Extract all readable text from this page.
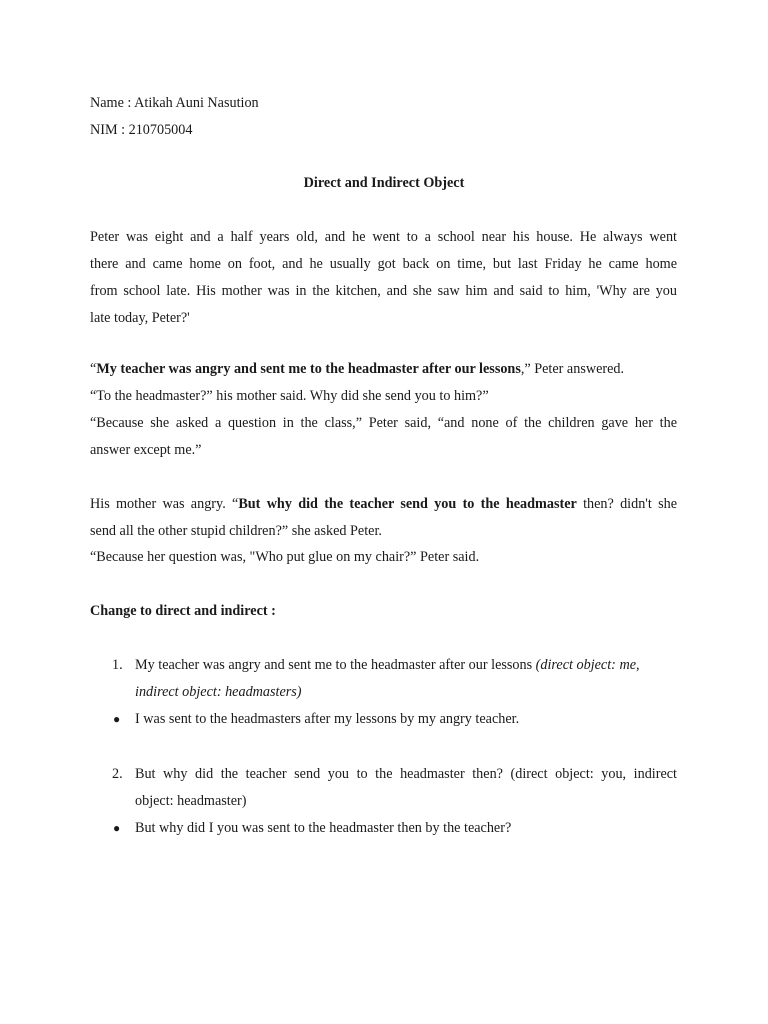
Name : Atikah Auni Nasution
NIM : 210705004
Direct and Indirect Object
Peter was eight and a half years old, and he went to a school near his house. He always went
there and came home on foot, and he usually got back on time, but last Friday he came home
from school late. His mother was in the kitchen, and she saw him and said to him, 'Why are you
late today, Peter?'
“My teacher was angry and sent me to the headmaster after our lessons,” Peter answered.
“To the headmaster?” his mother said. Why did she send you to him?”
“Because she asked a question in the class,” Peter said, “and none of the children gave her the
answer except me.”
His mother was angry. “But why did the teacher send you to the headmaster then? didn't she
send all the other stupid children?” she asked Peter.
“Because her question was, "Who put glue on my chair?” Peter said.
Change to direct and indirect :
1. My teacher was angry and sent me to the headmaster after our lessons (direct object: me,
indirect object: headmasters)
● I was sent to the headmasters after my lessons by my angry teacher.
2. But why did the teacher send you to the headmaster then? (direct object: you, indirect
object: headmaster)
● But why did I you was sent to the headmaster then by the teacher?
